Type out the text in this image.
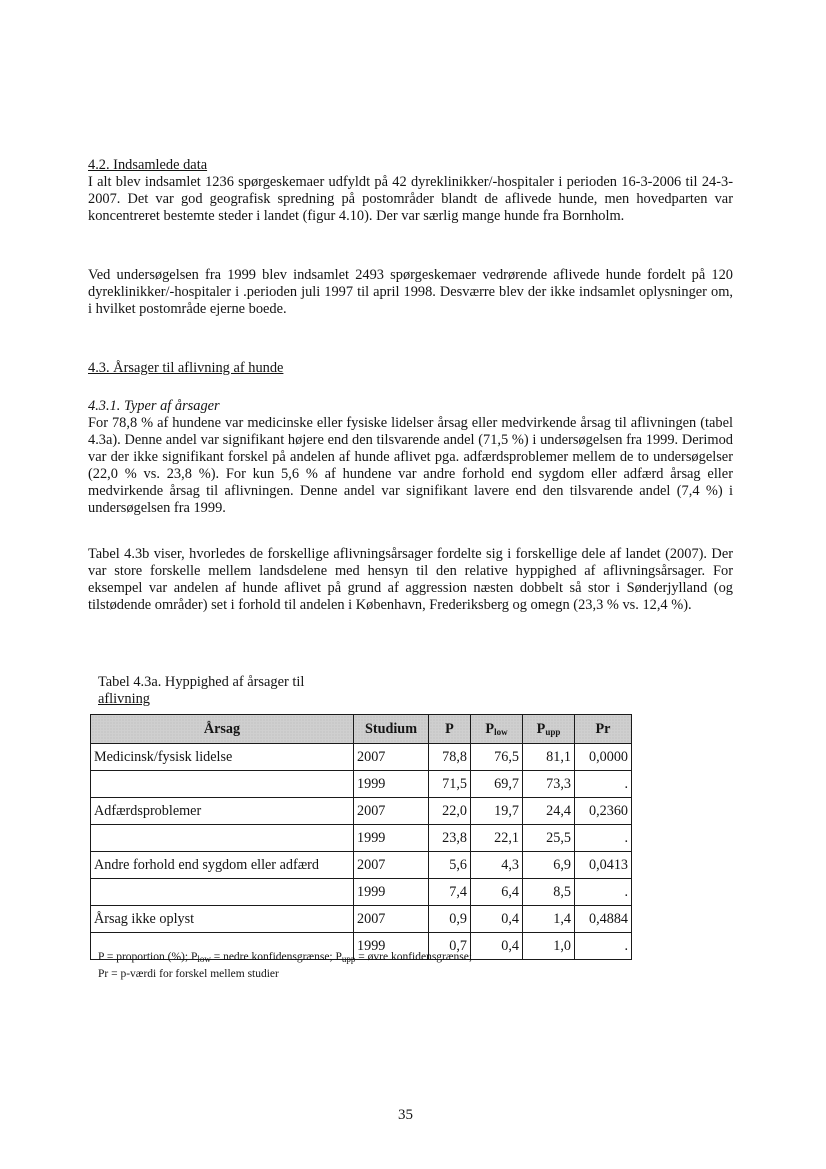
4.2. Indsamlede data
I alt blev indsamlet 1236 spørgeskemaer udfyldt på 42 dyreklinikker/-hospitaler i perioden 16-3-2006 til 24-3-2007. Det var god geografisk spredning på postområder blandt de aflivede hunde, men hovedparten var koncentreret bestemte steder i landet (figur 4.10). Der var særlig mange hunde fra Bornholm.
Ved undersøgelsen fra 1999 blev indsamlet 2493 spørgeskemaer vedrørende aflivede hunde fordelt på 120 dyreklinikker/-hospitaler i .perioden juli 1997 til april 1998. Desværre blev der ikke indsamlet oplysninger om, i hvilket postområde ejerne boede.
4.3. Årsager til aflivning af hunde
4.3.1. Typer af årsager
For 78,8 % af hundene var medicinske eller fysiske lidelser årsag eller medvirkende årsag til aflivningen (tabel 4.3a). Denne andel var signifikant højere end den tilsvarende andel (71,5 %) i undersøgelsen fra 1999. Derimod var der ikke signifikant forskel på andelen af hunde aflivet pga. adfærdsproblemer mellem de to undersøgelser (22,0 % vs. 23,8 %). For kun 5,6 % af hundene var andre forhold end sygdom eller adfærd årsag eller medvirkende årsag til aflivningen. Denne andel var signifikant lavere end den tilsvarende andel (7,4 %) i undersøgelsen fra 1999.
Tabel 4.3b viser, hvorledes de forskellige aflivningsårsager fordelte sig i forskellige dele af landet (2007). Der var store forskelle mellem landsdelene med hensyn til den relative hyppighed af aflivningsårsager. For eksempel var andelen af hunde aflivet på grund af aggression næsten dobbelt så stor i Sønderjylland (og tilstødende områder) set i forhold til andelen i København, Frederiksberg og omegn (23,3 % vs. 12,4 %).
Tabel 4.3a. Hyppighed af årsager til
aflivning
Årsag	Studium	P	$P_{low}$	$P_{upp}$	Pr
Medicinsk/fysisk lidelse	2007	78,8	76,5	81,1	0,0000
	1999	71,5	69,7	73,3	.
Adfærdsproblemer	2007	22,0	19,7	24,4	0,2360
	1999	23,8	22,1	25,5	.
Andre forhold end sygdom eller adfærd	2007	5,6	4,3	6,9	0,0413
	1999	7,4	6,4	8,5	.
Årsag ikke oplyst	2007	0,9	0,4	1,4	0,4884
	1999	0,7	0,4	1,0	.
P = proportion (%); $P_{low}$ = nedre konfidensgrænse; $P_{upp}$ = øvre konfidensgrænse;
Pr = p-værdi for forskel mellem studier
35
